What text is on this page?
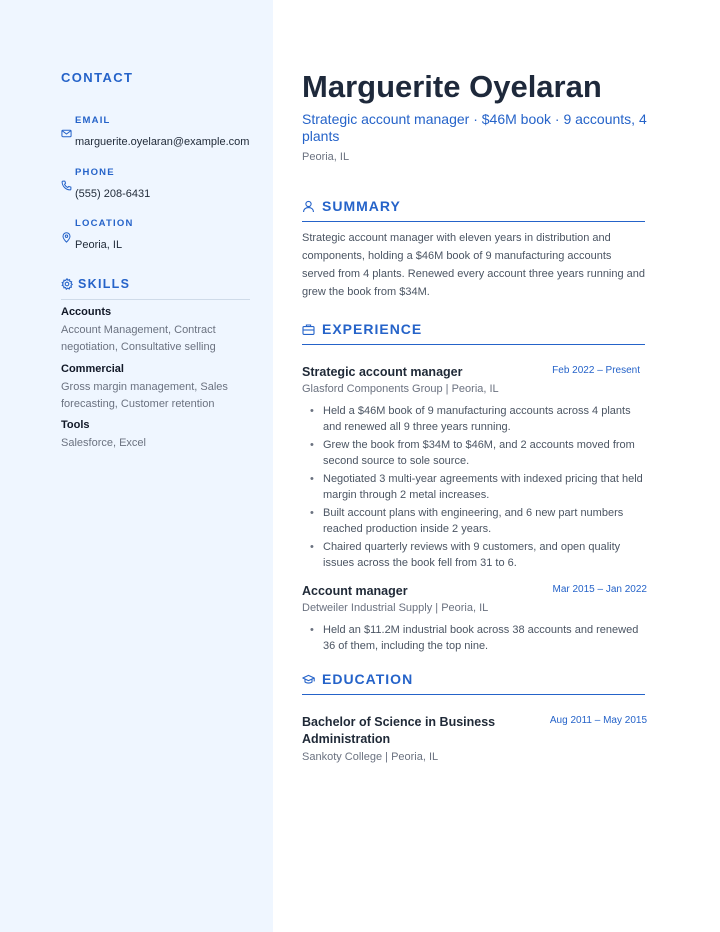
CONTACT
EMAIL
marguerite.oyelaran@example.com
PHONE
(555) 208-6431
LOCATION
Peoria, IL
SKILLS
Accounts
Account Management, Contract negotiation, Consultative selling
Commercial
Gross margin management, Sales forecasting, Customer retention
Tools
Salesforce, Excel
Marguerite Oyelaran
Strategic account manager · $46M book · 9 accounts, 4 plants
Peoria, IL
SUMMARY
Strategic account manager with eleven years in distribution and components, holding a $46M book of 9 manufacturing accounts served from 4 plants. Renewed every account three years running and grew the book from $34M.
EXPERIENCE
Strategic account manager	Feb 2022 – Present
Glasford Components Group | Peoria, IL
• Held a $46M book of 9 manufacturing accounts across 4 plants and renewed all 9 three years running.
• Grew the book from $34M to $46M, and 2 accounts moved from second source to sole source.
• Negotiated 3 multi-year agreements with indexed pricing that held margin through 2 metal increases.
• Built account plans with engineering, and 6 new part numbers reached production inside 2 years.
• Chaired quarterly reviews with 9 customers, and open quality issues across the book fell from 31 to 6.
Account manager	Mar 2015 – Jan 2022
Detweiler Industrial Supply | Peoria, IL
• Held an $11.2M industrial book across 38 accounts and renewed 36 of them, including the top nine.
EDUCATION
Bachelor of Science in Business Administration
Aug 2011 – May 2015
Sankoty College | Peoria, IL
